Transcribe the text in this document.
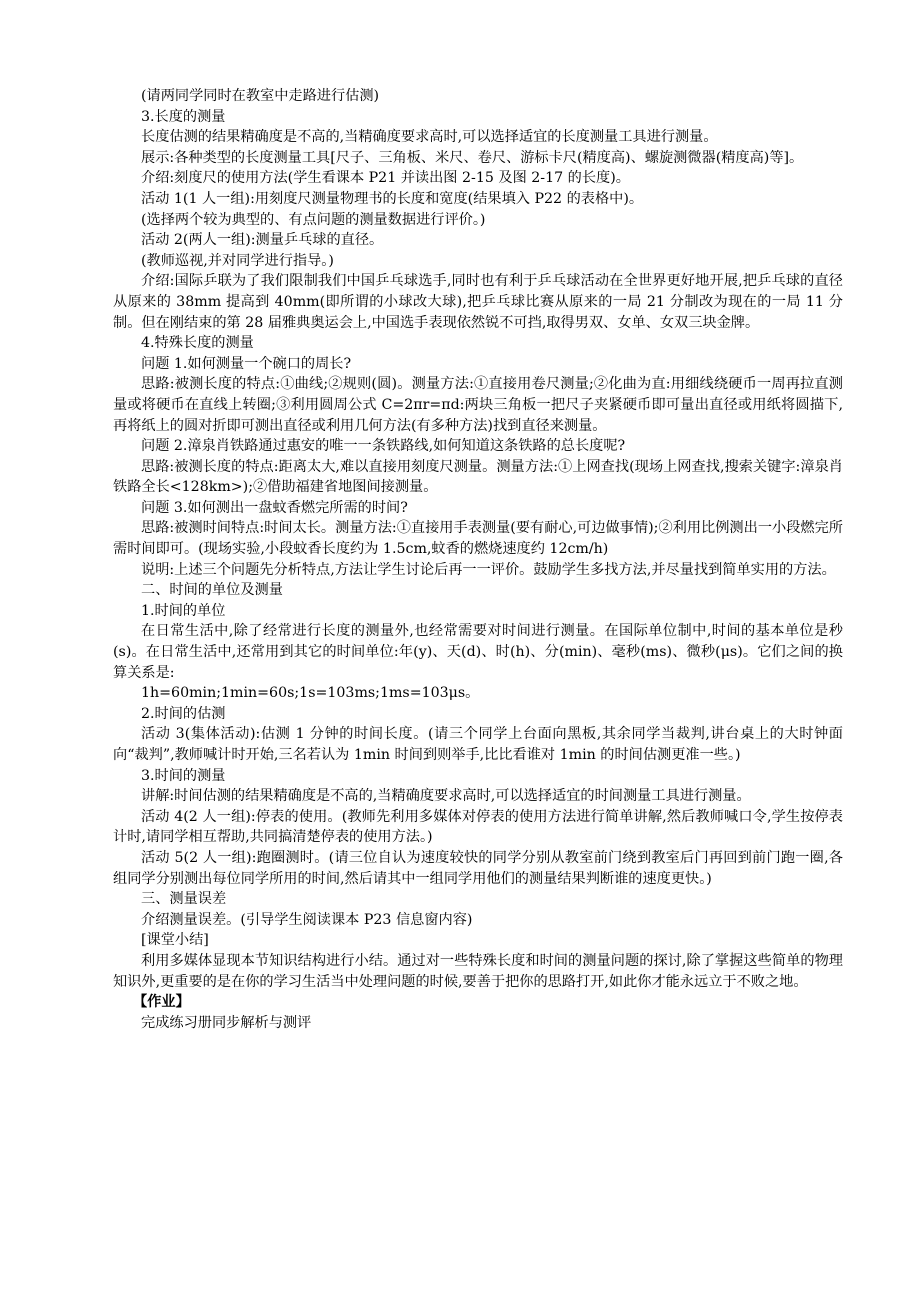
(请两同学同时在教室中走路进行估测)

3.长度的测量

长度估测的结果精确度是不高的,当精确度要求高时,可以选择适宜的长度测量工具进行测量。

展示:各种类型的长度测量工具[尺子、三角板、米尺、卷尺、游标卡尺(精度高)、螺旋测微器(精度高)等]。

介绍:刻度尺的使用方法(学生看课本 P21 并读出图 2-15 及图 2-17 的长度)。

活动 1(1 人一组):用刻度尺测量物理书的长度和宽度(结果填入 P22 的表格中)。

(选择两个较为典型的、有点问题的测量数据进行评价。)

活动 2(两人一组):测量乒乓球的直径。

(教师巡视,并对同学进行指导。)

介绍:国际乒联为了我们限制我们中国乒乓球选手,同时也有利于乒乓球活动在全世界更好地开展,把乒乓球的直径从原来的 38mm 提高到 40mm(即所谓的小球改大球),把乒乓球比赛从原来的一局 21 分制改为现在的一局 11 分制。但在刚结束的第 28 届雅典奥运会上,中国选手表现依然锐不可挡,取得男双、女单、女双三块金牌。

4.特殊长度的测量

问题 1.如何测量一个碗口的周长?

思路:被测长度的特点:①曲线;②规则(圆)。测量方法:①直接用卷尺测量;②化曲为直:用细线绕硬币一周再拉直测量或将硬币在直线上转圈;③利用圆周公式 C=2πr=πd:两块三角板一把尺子夹紧硬币即可量出直径或用纸将圆描下,再将纸上的圆对折即可测出直径或利用几何方法(有多种方法)找到直径来测量。

问题 2.漳泉肖铁路通过惠安的唯一一条铁路线,如何知道这条铁路的总长度呢?

思路:被测长度的特点:距离太大,难以直接用刻度尺测量。测量方法:①上网查找(现场上网查找,搜索关键字:漳泉肖铁路全长<128km>);②借助福建省地图间接测量。

问题 3.如何测出一盘蚊香燃完所需的时间?

思路:被测时间特点:时间太长。测量方法:①直接用手表测量(要有耐心,可边做事情);②利用比例测出一小段燃完所需时间即可。(现场实验,小段蚊香长度约为 1.5cm,蚊香的燃烧速度约 12cm/h)

说明:上述三个问题先分析特点,方法让学生讨论后再一一评价。鼓励学生多找方法,并尽量找到简单实用的方法。

二、时间的单位及测量

1.时间的单位

在日常生活中,除了经常进行长度的测量外,也经常需要对时间进行测量。在国际单位制中,时间的基本单位是秒(s)。在日常生活中,还常用到其它的时间单位:年(y)、天(d)、时(h)、分(min)、毫秒(ms)、微秒(μs)。它们之间的换算关系是:

1h=60min;1min=60s;1s=103ms;1ms=103μs。

2.时间的估测

活动 3(集体活动):估测 1 分钟的时间长度。(请三个同学上台面向黑板,其余同学当裁判,讲台桌上的大时钟面向“裁判”,教师喊计时开始,三名若认为 1min 时间到则举手,比比看谁对 1min 的时间估测更准一些。)

3.时间的测量

讲解:时间估测的结果精确度是不高的,当精确度要求高时,可以选择适宜的时间测量工具进行测量。

活动 4(2 人一组):停表的使用。(教师先利用多媒体对停表的使用方法进行简单讲解,然后教师喊口令,学生按停表计时,请同学相互帮助,共同搞清楚停表的使用方法。)

活动 5(2 人一组):跑圈测时。(请三位自认为速度较快的同学分别从教室前门绕到教室后门再回到前门跑一圈,各组同学分别测出每位同学所用的时间,然后请其中一组同学用他们的测量结果判断谁的速度更快。)

三、测量误差

介绍测量误差。(引导学生阅读课本 P23 信息窗内容)

[课堂小结]

利用多媒体显现本节知识结构进行小结。通过对一些特殊长度和时间的测量问题的探讨,除了掌握这些简单的物理知识外,更重要的是在你的学习生活当中处理问题的时候,要善于把你的思路打开,如此你才能永远立于不败之地。

【作业】

完成练习册同步解析与测评
